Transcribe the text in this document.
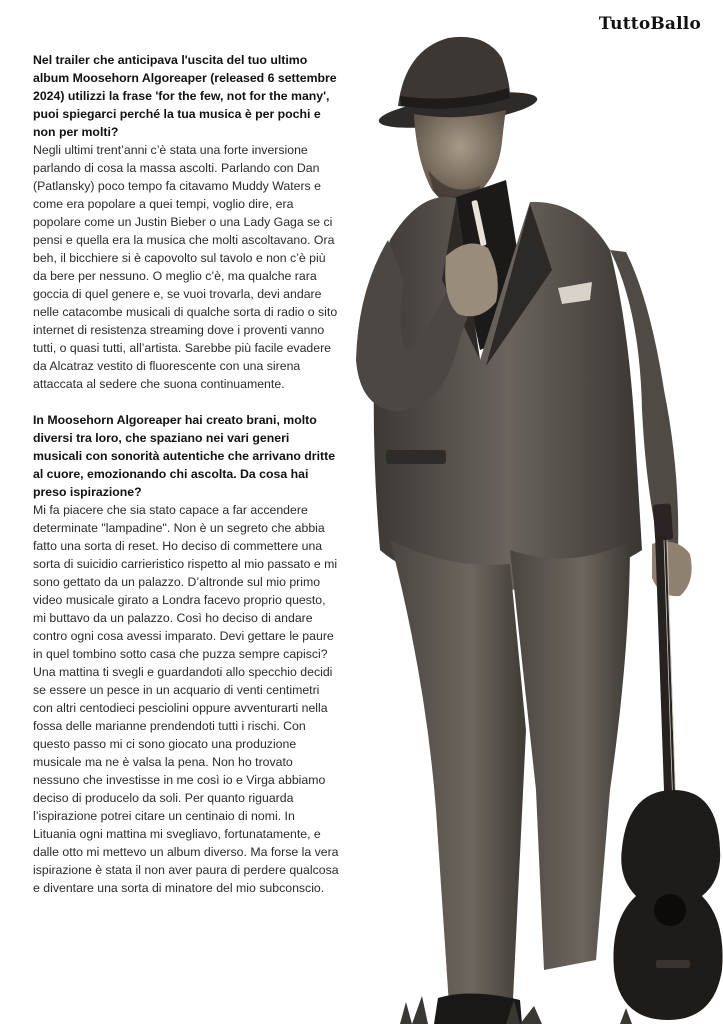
TuttoBallo

Nel trailer che anticipava l'uscita del tuo ultimo album Moosehorn Algoreaper (released 6 settembre 2024) utilizzi la frase 'for the few, not for the many', puoi spiegarci perché la tua musica è per pochi e non per molti?

Negli ultimi trent’anni c’è stata una forte inversione parlando di cosa la massa ascolti. Parlando con Dan (Patlansky) poco tempo fa citavamo Muddy Waters e come era popolare a quei tempi, voglio dire, era popolare come un Justin Bieber o una Lady Gaga se ci pensi e quella era la musica che molti ascoltavano. Ora beh, il bicchiere si è capovolto sul tavolo e non c’è più da bere per nessuno. O meglio c’è, ma qualche rara goccia di quel genere e, se vuoi trovarla, devi andare nelle catacombe musicali di qualche sorta di radio o sito internet di resistenza streaming dove i proventi vanno tutti, o quasi tutti, all’artista. Sarebbe più facile evadere da Alcatraz vestito di fluorescente con una sirena attaccata al sedere che suona continuamente.

In Moosehorn Algoreaper hai creato brani, molto diversi tra loro, che spaziano nei vari generi musicali con sonorità autentiche che arrivano dritte al cuore, emozionando chi ascolta. Da cosa hai preso ispirazione?

Mi fa piacere che sia stato capace a far accendere determinate "lampadine". Non è un segreto che abbia fatto una sorta di reset. Ho deciso di commettere una sorta di suicidio carrieristico rispetto al mio passato e mi sono gettato da un palazzo. D’altronde sul mio primo video musicale girato a Londra facevo proprio questo, mi buttavo da un palazzo. Così ho deciso di andare contro ogni cosa avessi imparato. Devi gettare le paure in quel tombino sotto casa che puzza sempre capisci? Una mattina ti svegli e guardandoti allo specchio decidi se essere un pesce in un acquario di venti centimetri con altri centodieci pesciolini oppure avventurarti nella fossa delle marianne prendendoti tutti i rischi. Con questo passo mi ci sono giocato una produzione musicale ma ne è valsa la pena. Non ho trovato nessuno che investisse in me così io e Virga abbiamo deciso di producelo da soli. Per quanto riguarda l’ispirazione potrei citare un centinaio di nomi. In Lituania ogni mattina mi svegliavo, fortunatamente, e dalle otto mi mettevo un album diverso. Ma forse la vera ispirazione è stata il non aver paura di perdere qualcosa e diventare una sorta di minatore del mio subconscio.
